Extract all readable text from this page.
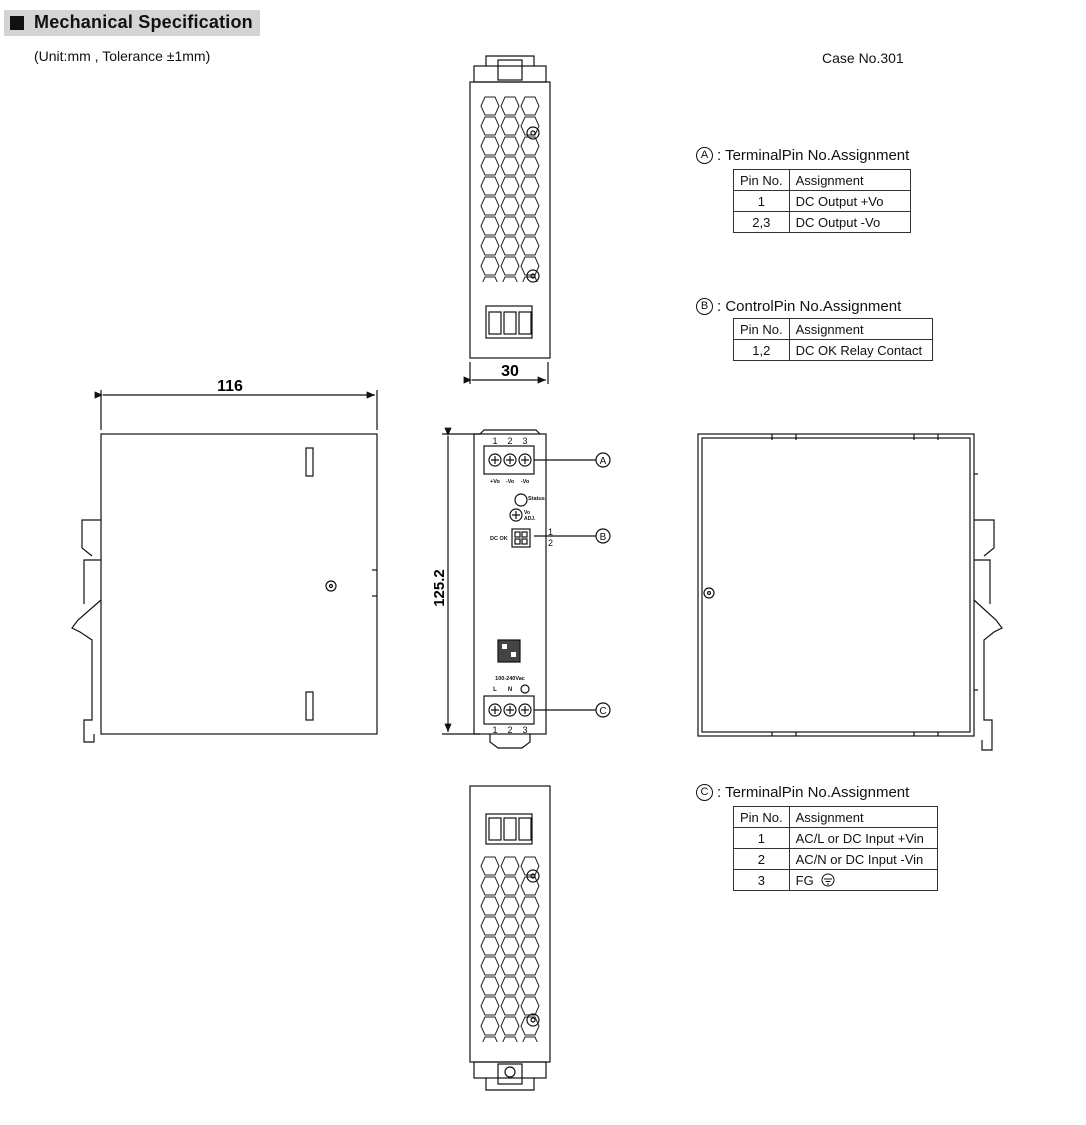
Mechanical Specification
(Unit:mm , Tolerance ±1mm)	Case No.301
30
116
125.2
1 2 3
+Vo -Vo -Vo
Status
Vo
ADJ.
DC OK
1
2
100-240Vac
L N
1 2 3
A
B
C
A : Terminal Pin No.Assignment
Pin No.	Assignment
1	DC Output +Vo
2,3	DC Output -Vo
B : Control Pin No.Assignment
Pin No.	Assignment
1,2	DC OK Relay Contact
C : Terminal Pin No.Assignment
Pin No.	Assignment
1	AC/L or DC Input +Vin
2	AC/N or DC Input -Vin
3	FG
